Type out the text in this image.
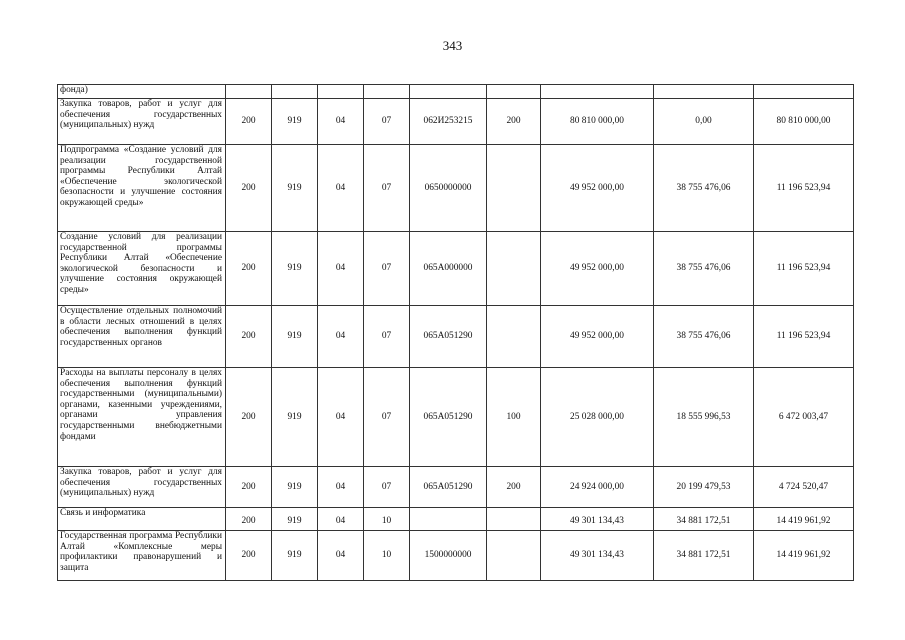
343
фонда)									
Закупка товаров, работ и услуг для обеспечения государственных (муниципальных) нужд	200	919	04	07	062И253215	200	80 810 000,00	0,00	80 810 000,00
Подпрограмма «Создание условий для реализации государственной программы Республики Алтай «Обеспечение экологической безопасности и улучшение состояния окружающей среды»	200	919	04	07	0650000000		49 952 000,00	38 755 476,06	11 196 523,94
Создание условий для реализации государственной программы Республики Алтай «Обеспечение экологической безопасности и улучшение состояния окружающей среды»	200	919	04	07	065А000000		49 952 000,00	38 755 476,06	11 196 523,94
Осуществление отдельных полномочий в области лесных отношений в целях обеспечения выполнения функций государственных органов	200	919	04	07	065А051290		49 952 000,00	38 755 476,06	11 196 523,94
Расходы на выплаты персоналу в целях обеспечения выполнения функций государственными (муниципальными) органами, казенными учреждениями, органами управления государственными внебюджетными фондами	200	919	04	07	065А051290	100	25 028 000,00	18 555 996,53	6 472 003,47
Закупка товаров, работ и услуг для обеспечения государственных (муниципальных) нужд	200	919	04	07	065А051290	200	24 924 000,00	20 199 479,53	4 724 520,47
Связь и информатика	200	919	04	10			49 301 134,43	34 881 172,51	14 419 961,92
Государственная программа Республики Алтай «Комплексные меры профилактики правонарушений и защита	200	919	04	10	1500000000		49 301 134,43	34 881 172,51	14 419 961,92
